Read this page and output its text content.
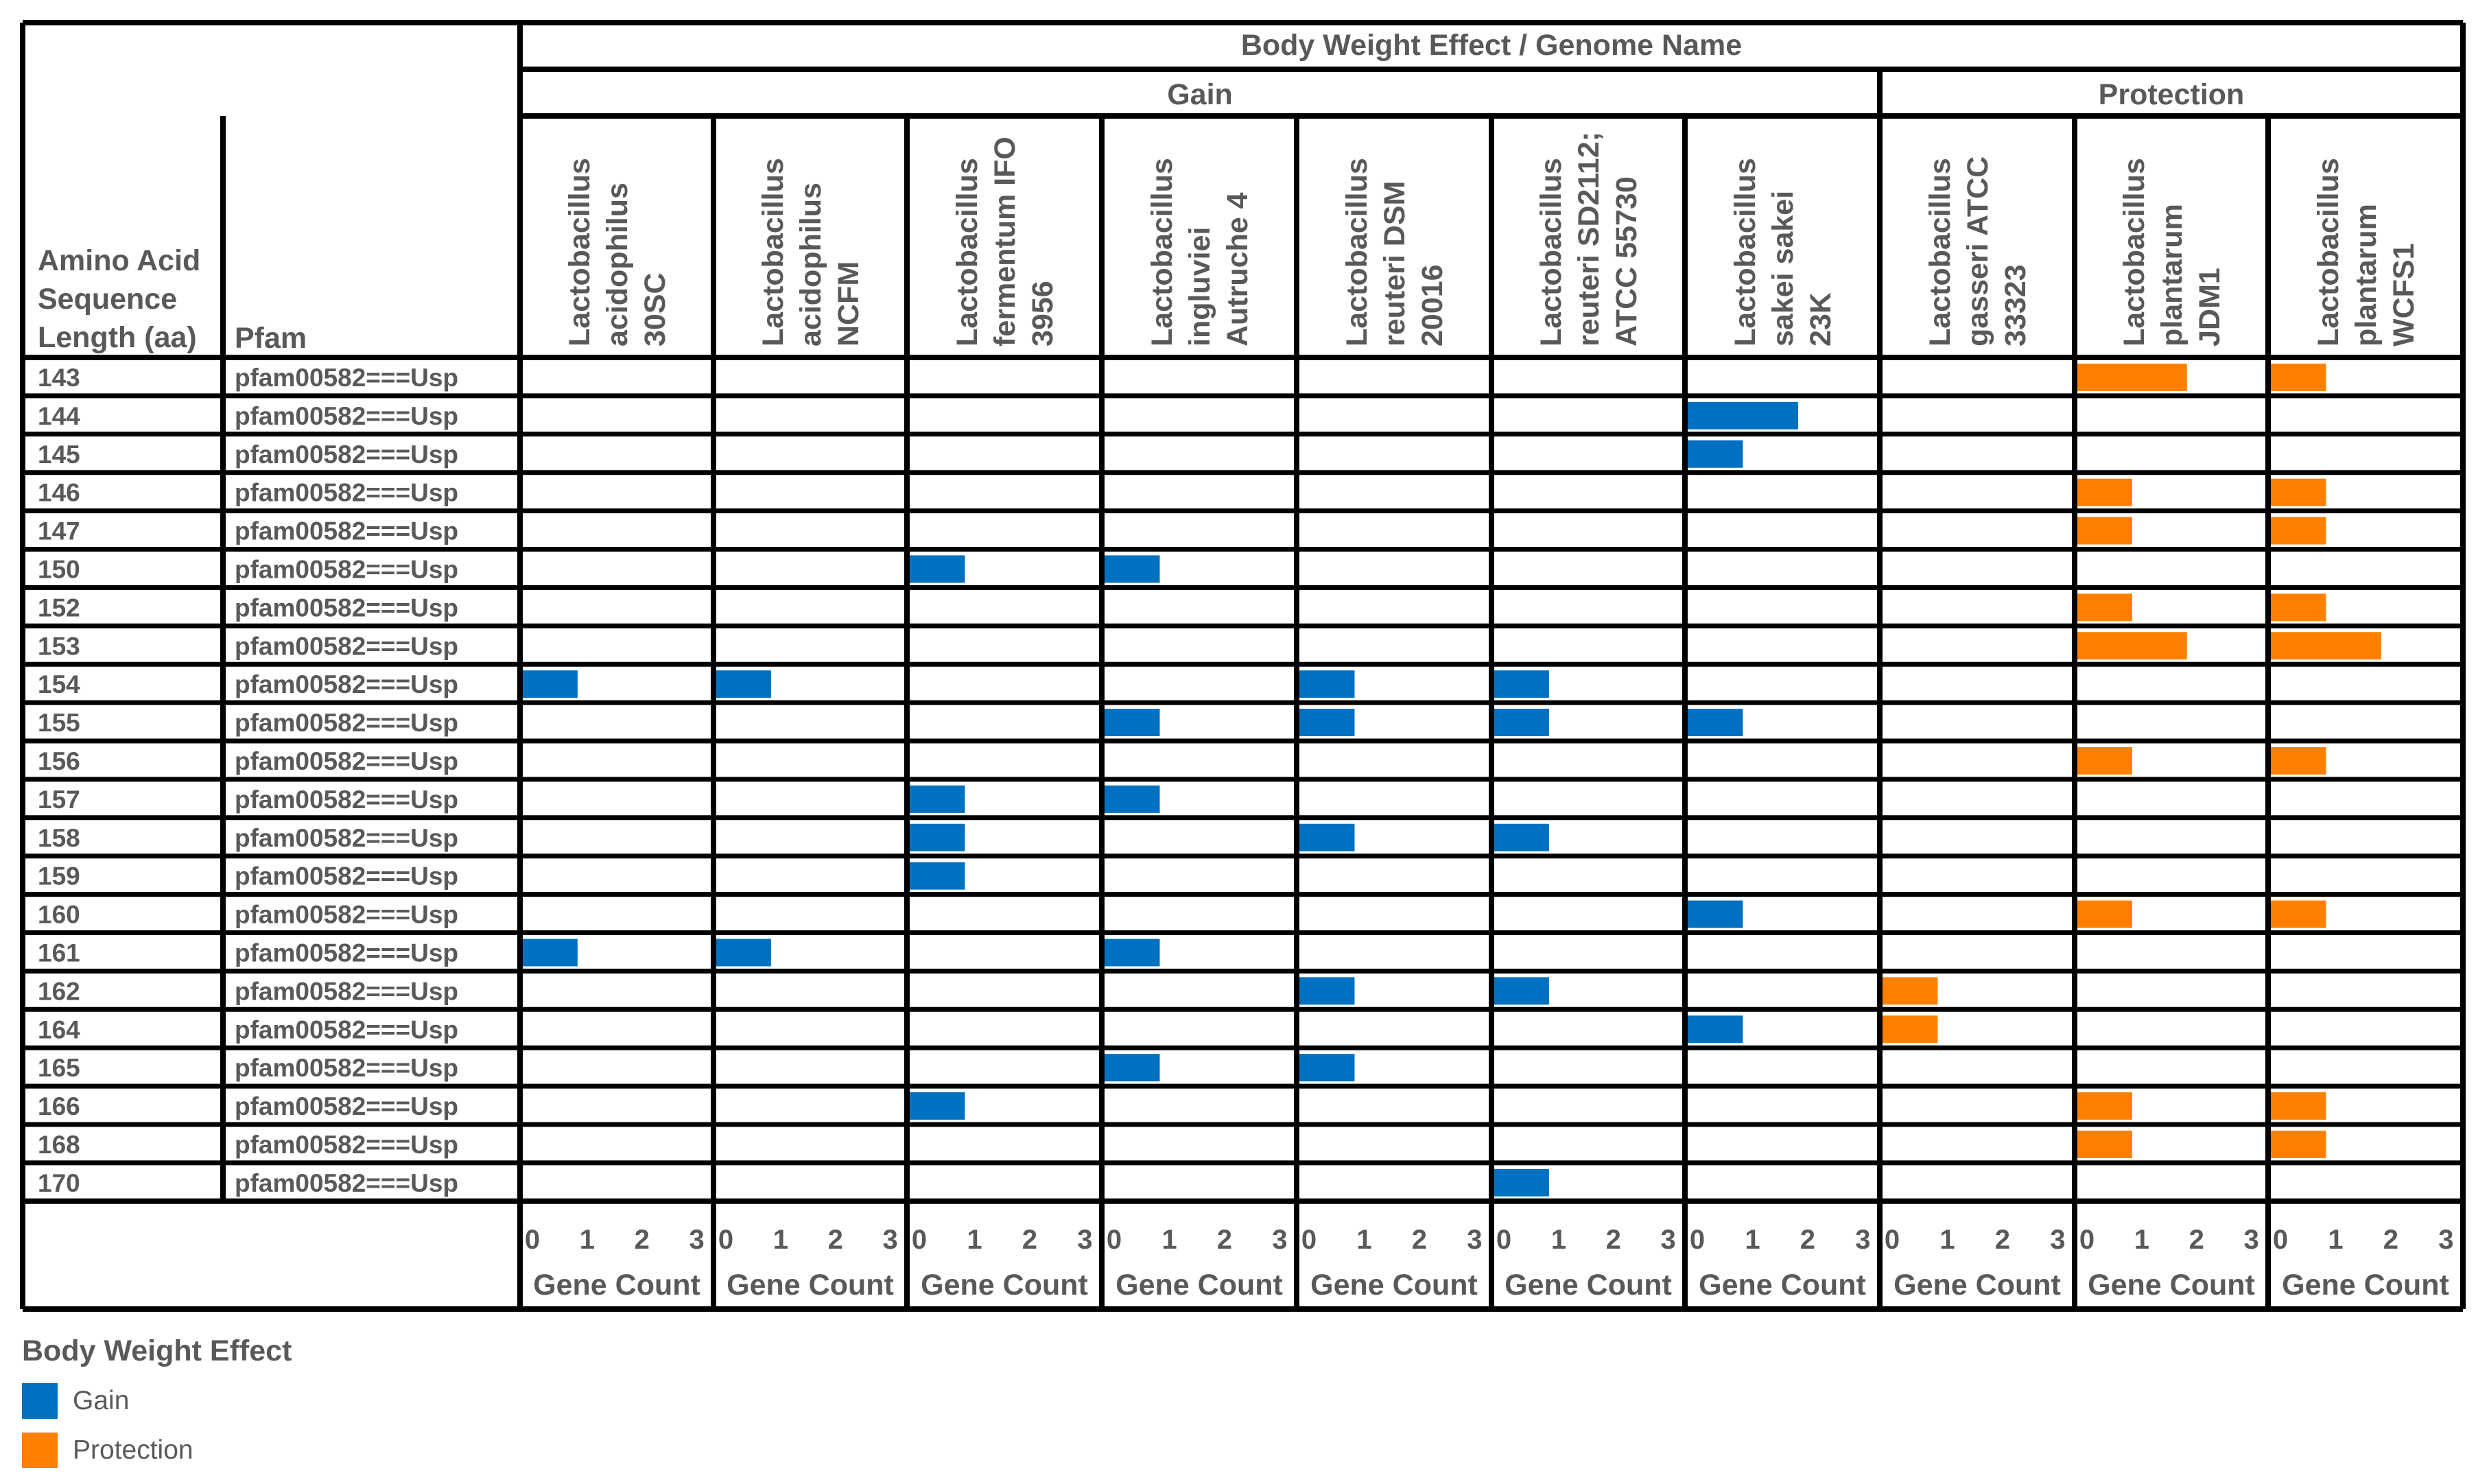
Body Weight Effect / Genome Name
Gain	Protection
Amino Acid Sequence Length (aa) Pfam	Lactobacillus acidophilus 30SC	Lactobacillus acidophilus NCFM	Lactobacillus fermentum IFO 3956	Lactobacillus ingluviei Autruche 4	Lactobacillus reuteri DSM 20016	Lactobacillus reuteri SD2112; ATCC 55730	Lactobacillus sakei sakei 23K	Lactobacillus gasseri ATCC 33323	Lactobacillus plantarum JDM1	Lactobacillus plantarum WCFS1
143	pfam00582===Usp
144	pfam00582===Usp
145	pfam00582===Usp
146	pfam00582===Usp
147	pfam00582===Usp
150	pfam00582===Usp
152	pfam00582===Usp
153	pfam00582===Usp
154	pfam00582===Usp
155	pfam00582===Usp
156	pfam00582===Usp
157	pfam00582===Usp
158	pfam00582===Usp
159	pfam00582===Usp
160	pfam00582===Usp
161	pfam00582===Usp
162	pfam00582===Usp
164	pfam00582===Usp
165	pfam00582===Usp
166	pfam00582===Usp
168	pfam00582===Usp
170	pfam00582===Usp
0 1 2 3
Gene Count
0 1 2 3
Gene Count
0 1 2 3
Gene Count
0 1 2 3
Gene Count
0 1 2 3
Gene Count
0 1 2 3
Gene Count
0 1 2 3
Gene Count
0 1 2 3
Gene Count
0 1 2 3
Gene Count
0 1 2 3
Gene Count
Body Weight Effect
Gain
Protection
